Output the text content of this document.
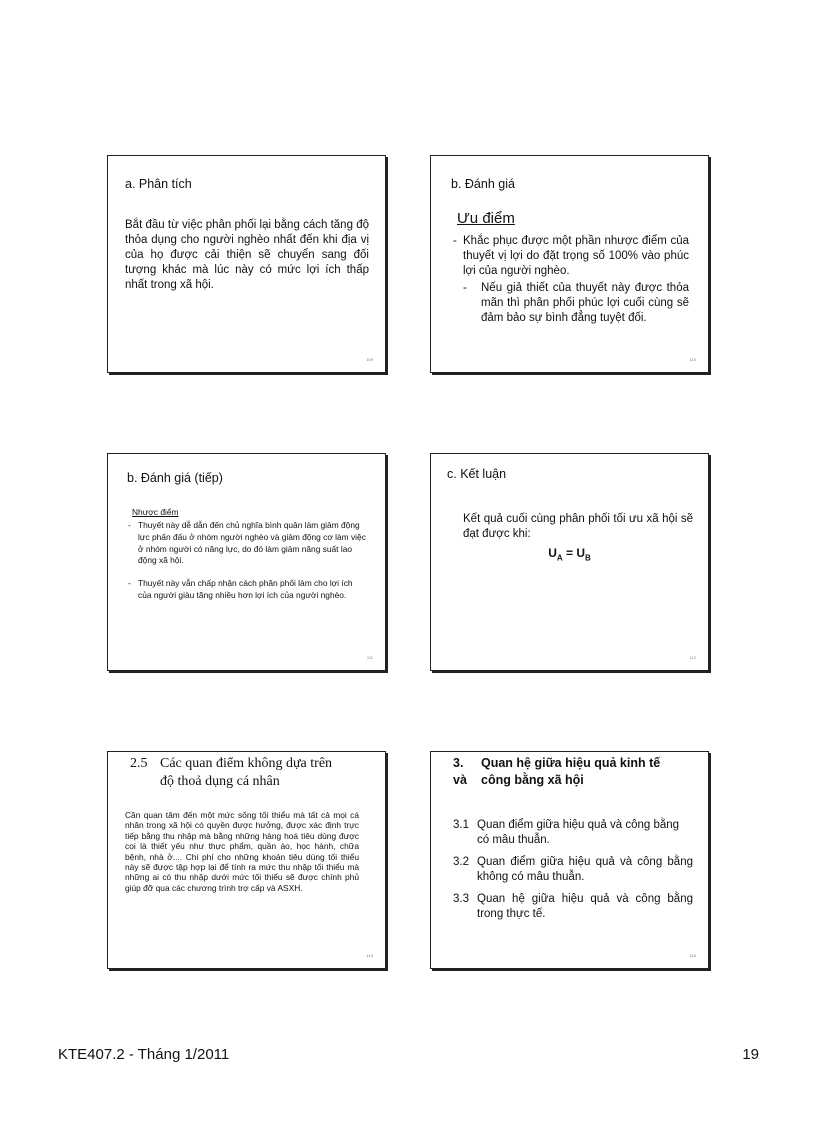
a. Phân tích
Bắt đầu từ việc phân phối lại bằng cách tăng độ thỏa dụng cho người nghèo nhất đến khi địa vị của họ được cải thiện sẽ chuyển sang đối tượng khác mà lúc này có mức lợi ích thấp nhất trong xã hội.
109
b. Đánh giá
Ưu điểm
- Khắc phục được một phần nhược điểm của thuyết vị lợi do đặt trọng số 100% vào phúc lợi của người nghèo.
-	Nếu giả thiết của thuyết này được thỏa mãn thì phân phối phúc lợi cuối cùng sẽ đảm bảo sự bình đẳng tuyệt đối.
110
b. Đánh giá (tiếp)
Nhược điểm
- Thuyết này dễ dẫn đến chủ nghĩa bình quân làm giảm động lực phấn đấu ở nhóm người nghèo và giảm động cơ làm việc ở nhóm người có năng lực, do đó làm giảm năng suất lao động xã hội.
- Thuyết này vẫn chấp nhận cách phân phối làm cho lợi ích của người giàu tăng nhiều hơn lợi ích của người nghèo.
111
c. Kết luận
Kết quả cuối cùng phân phối tối ưu xã hội sẽ đạt được khi:
$U_A = U_B$
112
2.5 Các quan điểm không dựa trên
độ thoả dụng cá nhân
Cần quan tâm đến một mức sống tối thiểu mà tất cả mọi cá nhân trong xã hội có quyền được hưởng, được xác định trực tiếp bằng thu nhập mà bằng những hàng hoá tiêu dùng được coi là thiết yếu như thực phẩm, quần áo, học hành, chữa bệnh, nhà ở.... Chi phí cho những khoản tiêu dùng tối thiểu này sẽ được tập hợp lại để tính ra mức thu nhập tối thiểu mà những ai có thu nhập dưới mức tối thiểu sẽ được chính phủ giúp đỡ qua các chương trình trợ cấp và ASXH.
113
3.	Quan hệ giữa hiệu quả kinh tế
và	công bằng xã hội
3.1 Quan điểm giữa hiệu quả và công bằng có mâu thuẫn.
3.2 Quan điểm giữa hiệu quả và công bằng không có mâu thuẫn.
3.3 Quan hệ giữa hiệu quả và công bằng trong thực tế.
114
KTE407.2 - Tháng 1/2011	19
